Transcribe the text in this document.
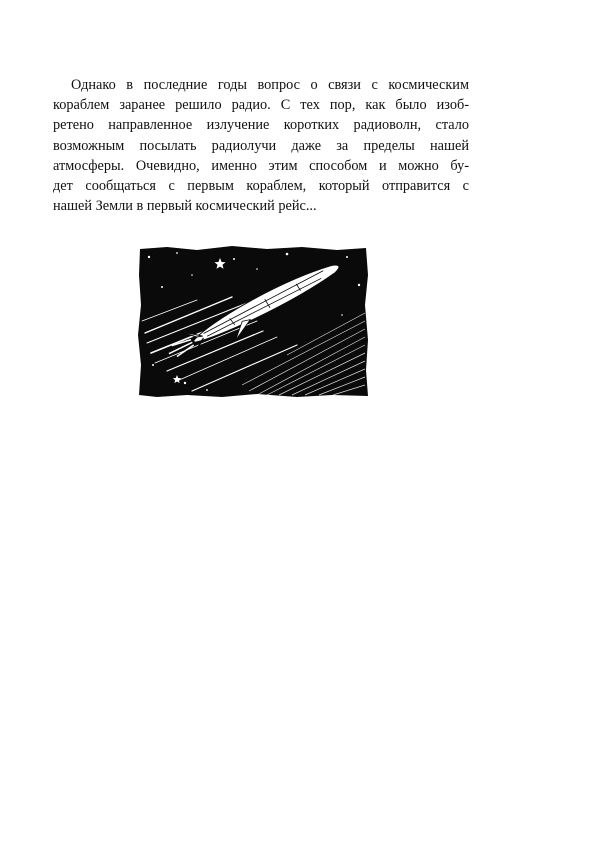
Однако в последние годы вопрос о связи с космическим
кораблем заранее решило радио. С тех пор, как было изоб-
ретено направленное излучение коротких радиоволн, стало
возможным посылать радиолучи даже за пределы нашей
атмосферы. Очевидно, именно этим способом и можно бу-
дет сообщаться с первым кораблем, который отправится с
нашей Земли в первый космический рейс...
